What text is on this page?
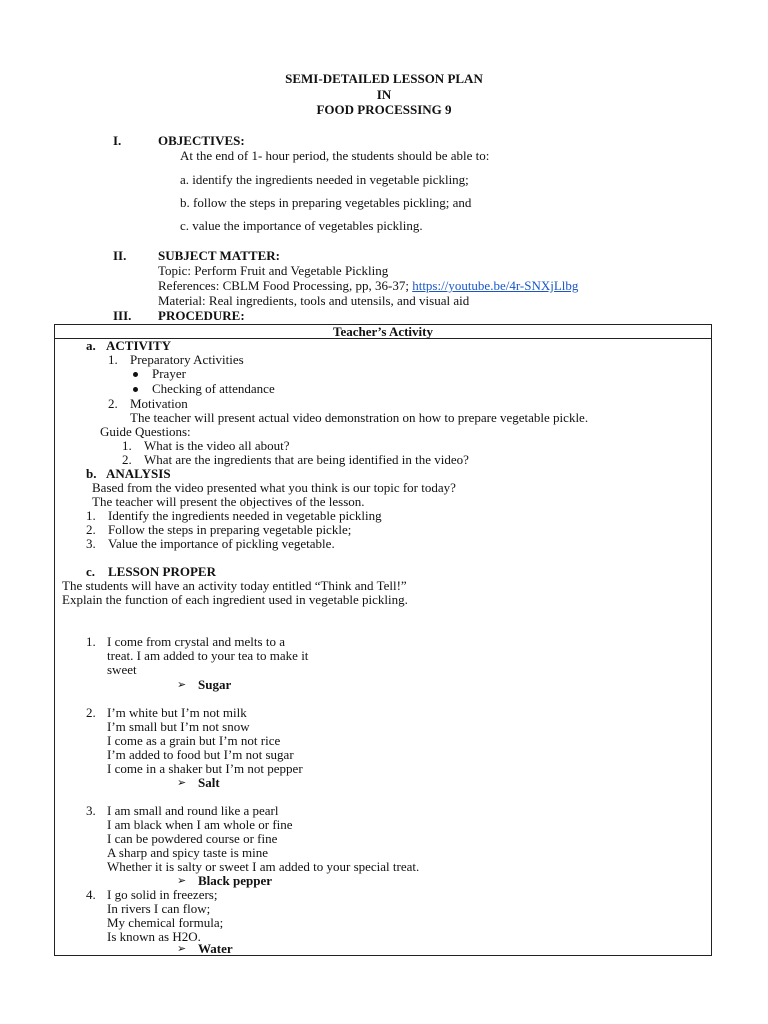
SEMI-DETAILED LESSON PLAN
IN
FOOD PROCESSING 9
I.	OBJECTIVES:
At the end of 1- hour period, the students should be able to:
a. identify the ingredients needed in vegetable pickling;
b. follow the steps in preparing vegetables pickling; and
c. value the importance of vegetables pickling.
II. SUBJECT MATTER:
Topic: Perform Fruit and Vegetable Pickling
References: CBLM Food Processing, pp, 36-37; https://youtube.be/4r-SNXjLlbg
Material: Real ingredients, tools and utensils, and visual aid
III. PROCEDURE:
Teacher’s Activity
a. ACTIVITY
1. Preparatory Activities
Prayer
Checking of attendance
2. Motivation
The teacher will present actual video demonstration on how to prepare vegetable pickle.
Guide Questions:
1. What is the video all about?
2. What are the ingredients that are being identified in the video?
b. ANALYSIS
Based from the video presented what you think is our topic for today?
The teacher will present the objectives of the lesson.
1. Identify the ingredients needed in vegetable pickling
2. Follow the steps in preparing vegetable pickle;
3. Value the importance of pickling vegetable.
c. LESSON PROPER
The students will have an activity today entitled “Think and Tell!”
Explain the function of each ingredient used in vegetable pickling.
1. I come from crystal and melts to a
treat. I am added to your tea to make it
sweet
➢ Sugar
2. I’m white but I’m not milk
I’m small but I’m not snow
I come as a grain but I’m not rice
I’m added to food but I’m not sugar
I come in a shaker but I’m not pepper
➢ Salt
3. I am small and round like a pearl
I am black when I am whole or fine
I can be powdered course or fine
A sharp and spicy taste is mine
Whether it is salty or sweet I am added to your special treat.
➢ Black pepper
4. I go solid in freezers;
In rivers I can flow;
My chemical formula;
Is known as H2O.
➢ Water
